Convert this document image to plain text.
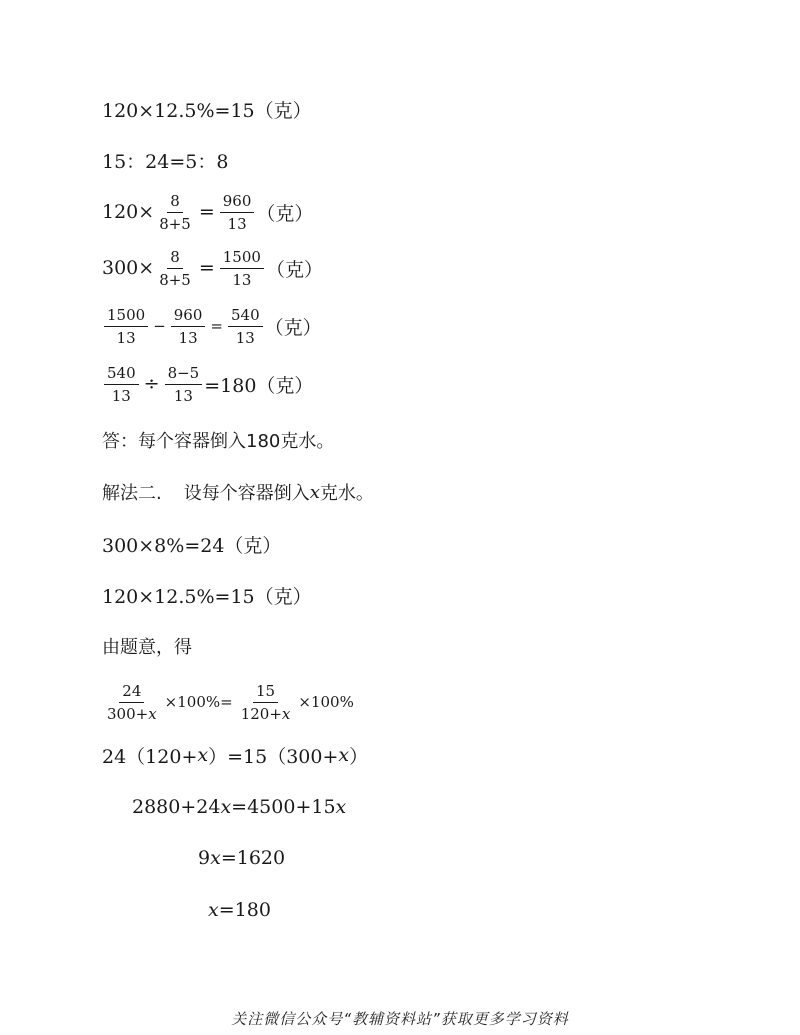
120×12.5%=15（克）
15：24=5：8
$120\times \frac{8}{8+5} = \frac{960}{13}$ （克）
$300\times \frac{8}{8+5} = \frac{1500}{13}$ （克）
$\frac{1500}{13} - \frac{960}{13} = \frac{540}{13}$ （克）
$\frac{540}{13} \div \frac{8-5}{13} =180$（克）
答：每个容器倒入180克水。
解法二. 设每个容器倒入 x 克水。
300×8%=24（克）
120×12.5%=15（克）
由题意，得
$\frac{24}{300+x} \times 100\%= \frac{15}{120+x} \times 100\%$
24（120+ x ）=15（300+ x ）
2880+24 x =4500+15 x
9 x =1620
x =180
关注微信公众号“教辅资料站”获取更多学习资料
